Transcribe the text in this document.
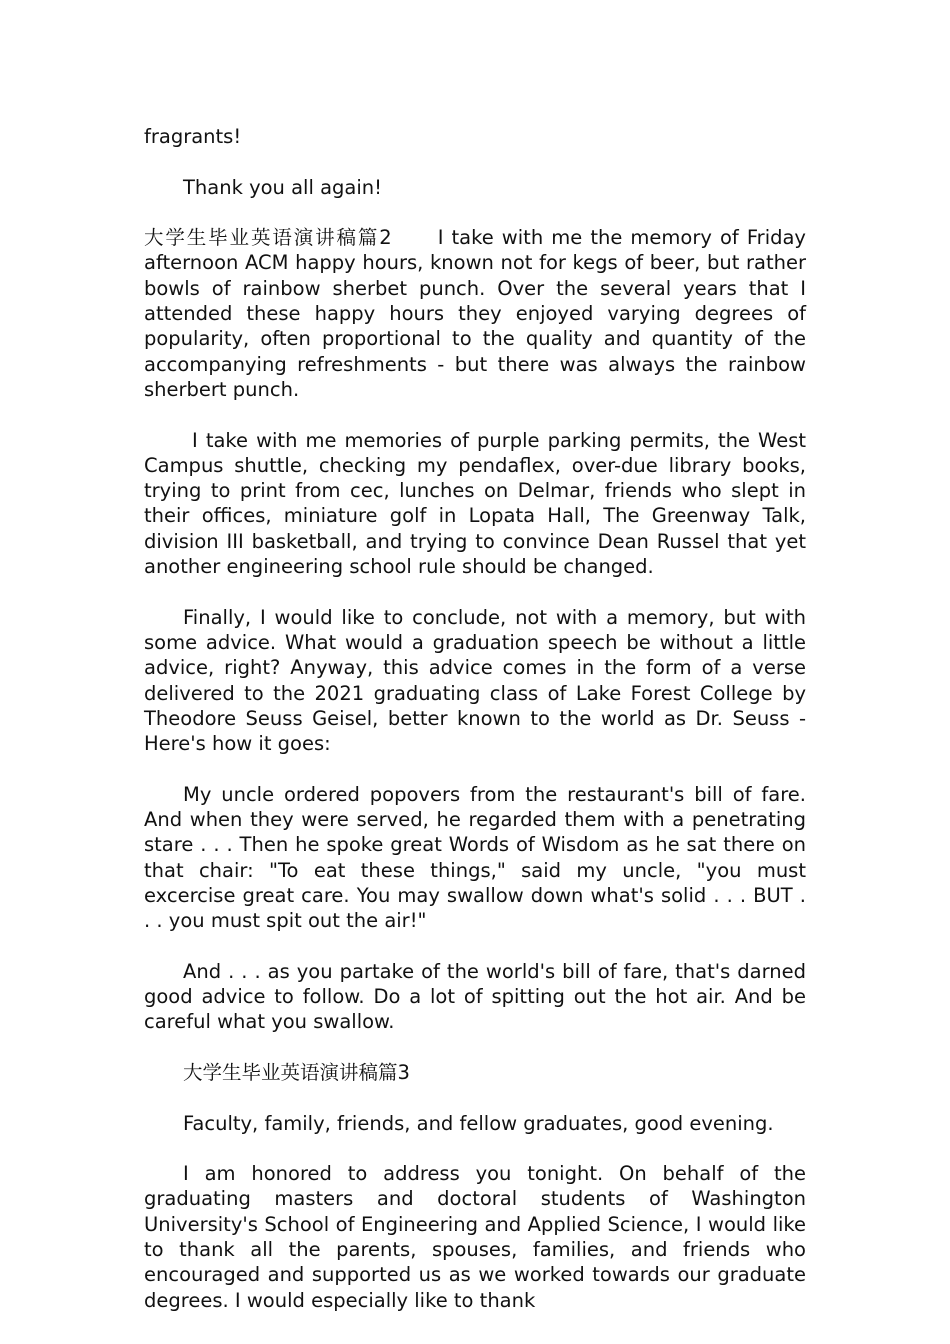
fragrants!

Thank you all again!

大学生毕业英语演讲稿篇2 I take with me the memory of Friday afternoon ACM happy hours, known not for kegs of beer, but rather bowls of rainbow sherbet punch. Over the several years that I attended these happy hours they enjoyed varying degrees of popularity, often proportional to the quality and quantity of the accompanying refreshments - but there was always the rainbow sherbert punch.

I take with me memories of purple parking permits, the West Campus shuttle, checking my pendaflex, over-due library books, trying to print from cec, lunches on Delmar, friends who slept in their offices, miniature golf in Lopata Hall, The Greenway Talk, division III basketball, and trying to convince Dean Russel that yet another engineering school rule should be changed.

Finally, I would like to conclude, not with a memory, but with some advice. What would a graduation speech be without a little advice, right? Anyway, this advice comes in the form of a verse delivered to the 2021 graduating class of Lake Forest College by Theodore Seuss Geisel, better known to the world as Dr. Seuss - Here's how it goes:

My uncle ordered popovers from the restaurant's bill of fare. And when they were served, he regarded them with a penetrating stare . . . Then he spoke great Words of Wisdom as he sat there on that chair: "To eat these things," said my uncle, "you must excercise great care. You may swallow down what's solid . . . BUT . . . you must spit out the air!"

And . . . as you partake of the world's bill of fare, that's darned good advice to follow. Do a lot of spitting out the hot air. And be careful what you swallow.

大学生毕业英语演讲稿篇3

Faculty, family, friends, and fellow graduates, good evening.

I am honored to address you tonight. On behalf of the graduating masters and doctoral students of Washington University's School of Engineering and Applied Science, I would like to thank all the parents, spouses, families, and friends who encouraged and supported us as we worked towards our graduate degrees. I would especially like to thank
